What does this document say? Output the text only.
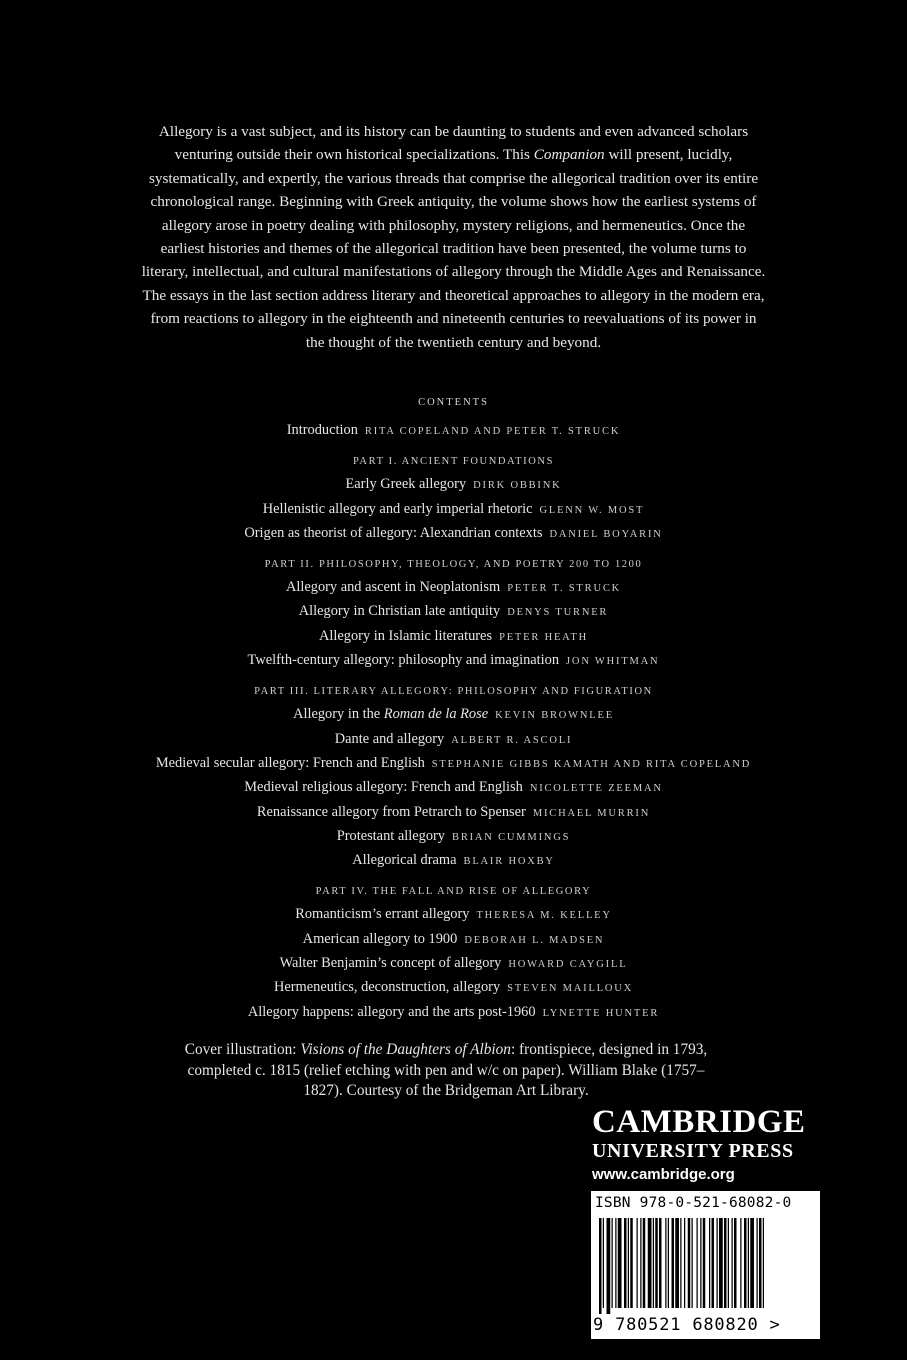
Allegory is a vast subject, and its history can be daunting to students and even advanced scholars venturing outside their own historical specializations. This Companion will present, lucidly, systematically, and expertly, the various threads that comprise the allegorical tradition over its entire chronological range. Beginning with Greek antiquity, the volume shows how the earliest systems of allegory arose in poetry dealing with philosophy, mystery religions, and hermeneutics. Once the earliest histories and themes of the allegorical tradition have been presented, the volume turns to literary, intellectual, and cultural manifestations of allegory through the Middle Ages and Renaissance. The essays in the last section address literary and theoretical approaches to allegory in the modern era, from reactions to allegory in the eighteenth and nineteenth centuries to reevaluations of its power in the thought of the twentieth century and beyond.
CONTENTS
Introduction RITA COPELAND AND PETER T. STRUCK
PART I. ANCIENT FOUNDATIONS
Early Greek allegory DIRK OBBINK
Hellenistic allegory and early imperial rhetoric GLENN W. MOST
Origen as theorist of allegory: Alexandrian contexts DANIEL BOYARIN
PART II. PHILOSOPHY, THEOLOGY, AND POETRY 200 TO 1200
Allegory and ascent in Neoplatonism PETER T. STRUCK
Allegory in Christian late antiquity DENYS TURNER
Allegory in Islamic literatures PETER HEATH
Twelfth-century allegory: philosophy and imagination JON WHITMAN
PART III. LITERARY ALLEGORY: PHILOSOPHY AND FIGURATION
Allegory in the Roman de la Rose KEVIN BROWNLEE
Dante and allegory ALBERT R. ASCOLI
Medieval secular allegory: French and English STEPHANIE GIBBS KAMATH AND RITA COPELAND
Medieval religious allegory: French and English NICOLETTE ZEEMAN
Renaissance allegory from Petrarch to Spenser MICHAEL MURRIN
Protestant allegory BRIAN CUMMINGS
Allegorical drama BLAIR HOXBY
PART IV. THE FALL AND RISE OF ALLEGORY
Romanticism’s errant allegory THERESA M. KELLEY
American allegory to 1900 DEBORAH L. MADSEN
Walter Benjamin’s concept of allegory HOWARD CAYGILL
Hermeneutics, deconstruction, allegory STEVEN MAILLOUX
Allegory happens: allegory and the arts post-1960 LYNETTE HUNTER
Cover illustration: Visions of the Daughters of Albion: frontispiece, designed in 1793, completed c. 1815 (relief etching with pen and w/c on paper). William Blake (1757–1827). Courtesy of the Bridgeman Art Library.
CAMBRIDGE
UNIVERSITY PRESS
www.cambridge.org
ISBN 978-0-521-68082-0
9 780521 680820 >
